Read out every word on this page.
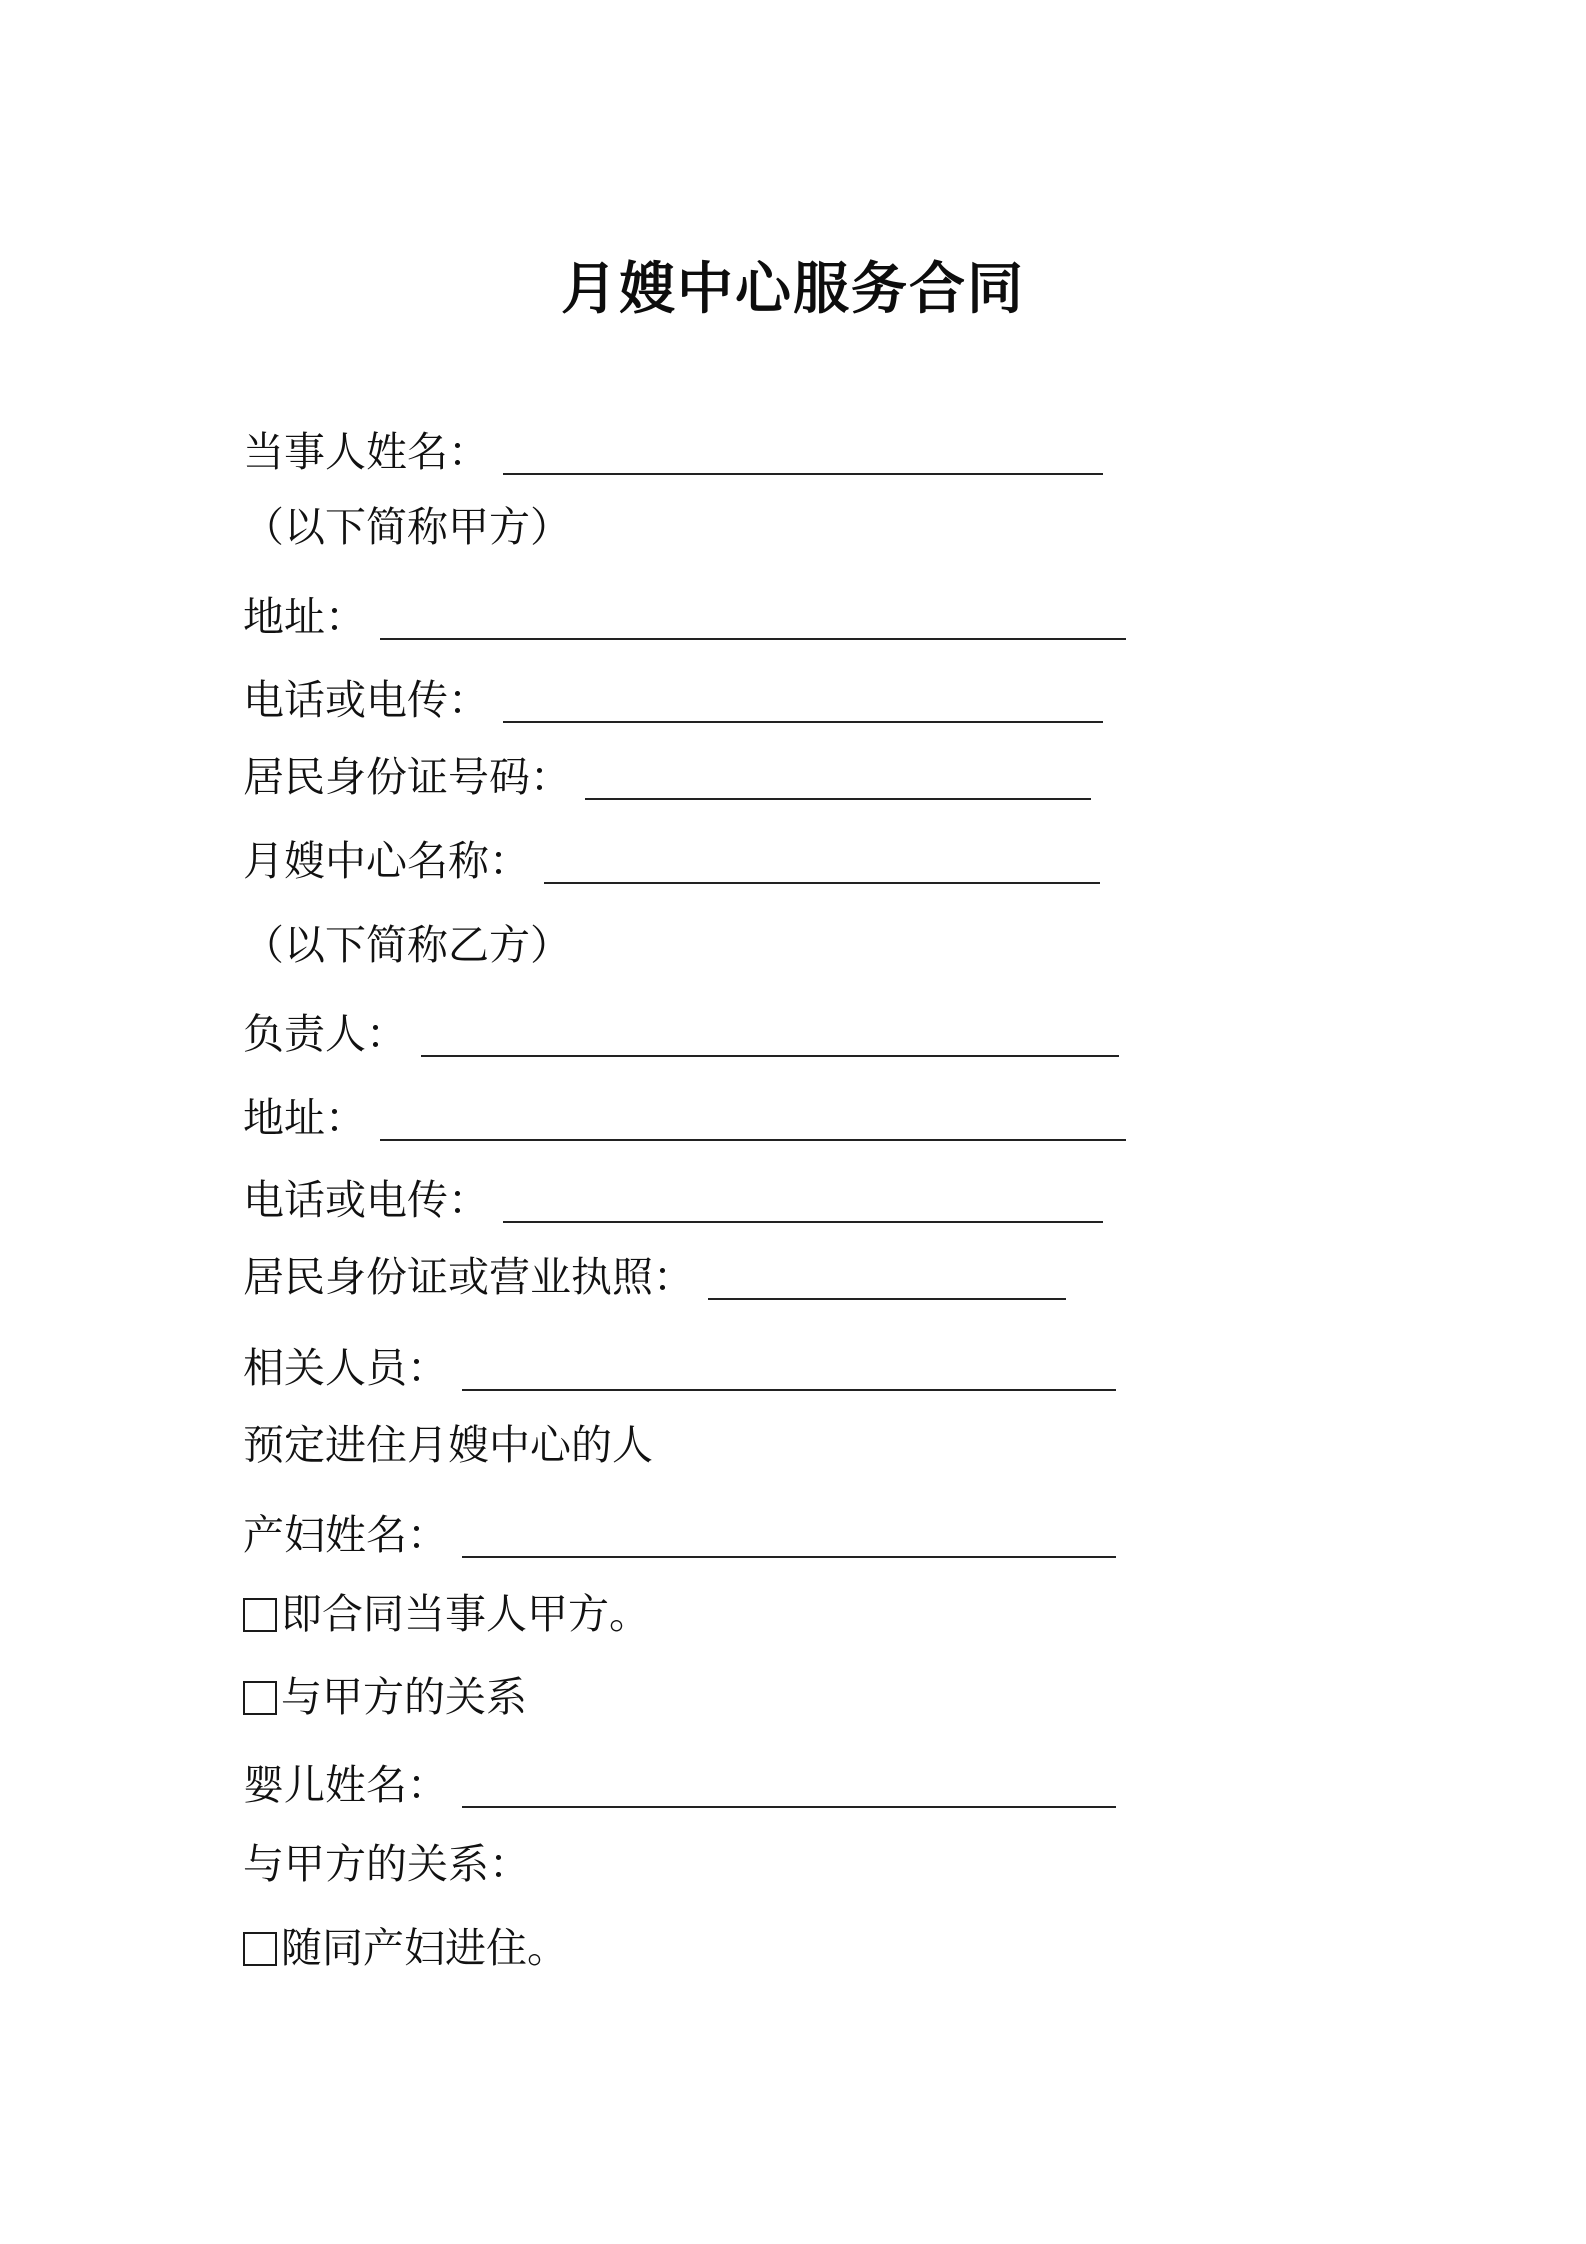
月嫂中心服务合同
当事人姓名：
（以下简称甲方）
地址：
电话或电传：
居民身份证号码：
月嫂中心名称：
（以下简称乙方）
负责人：
地址：
电话或电传：
居民身份证或营业执照：
相关人员：
预定进住月嫂中心的人
产妇姓名：
即合同当事人甲方。
与甲方的关系
婴儿姓名：
与甲方的关系：
随同产妇进住。
